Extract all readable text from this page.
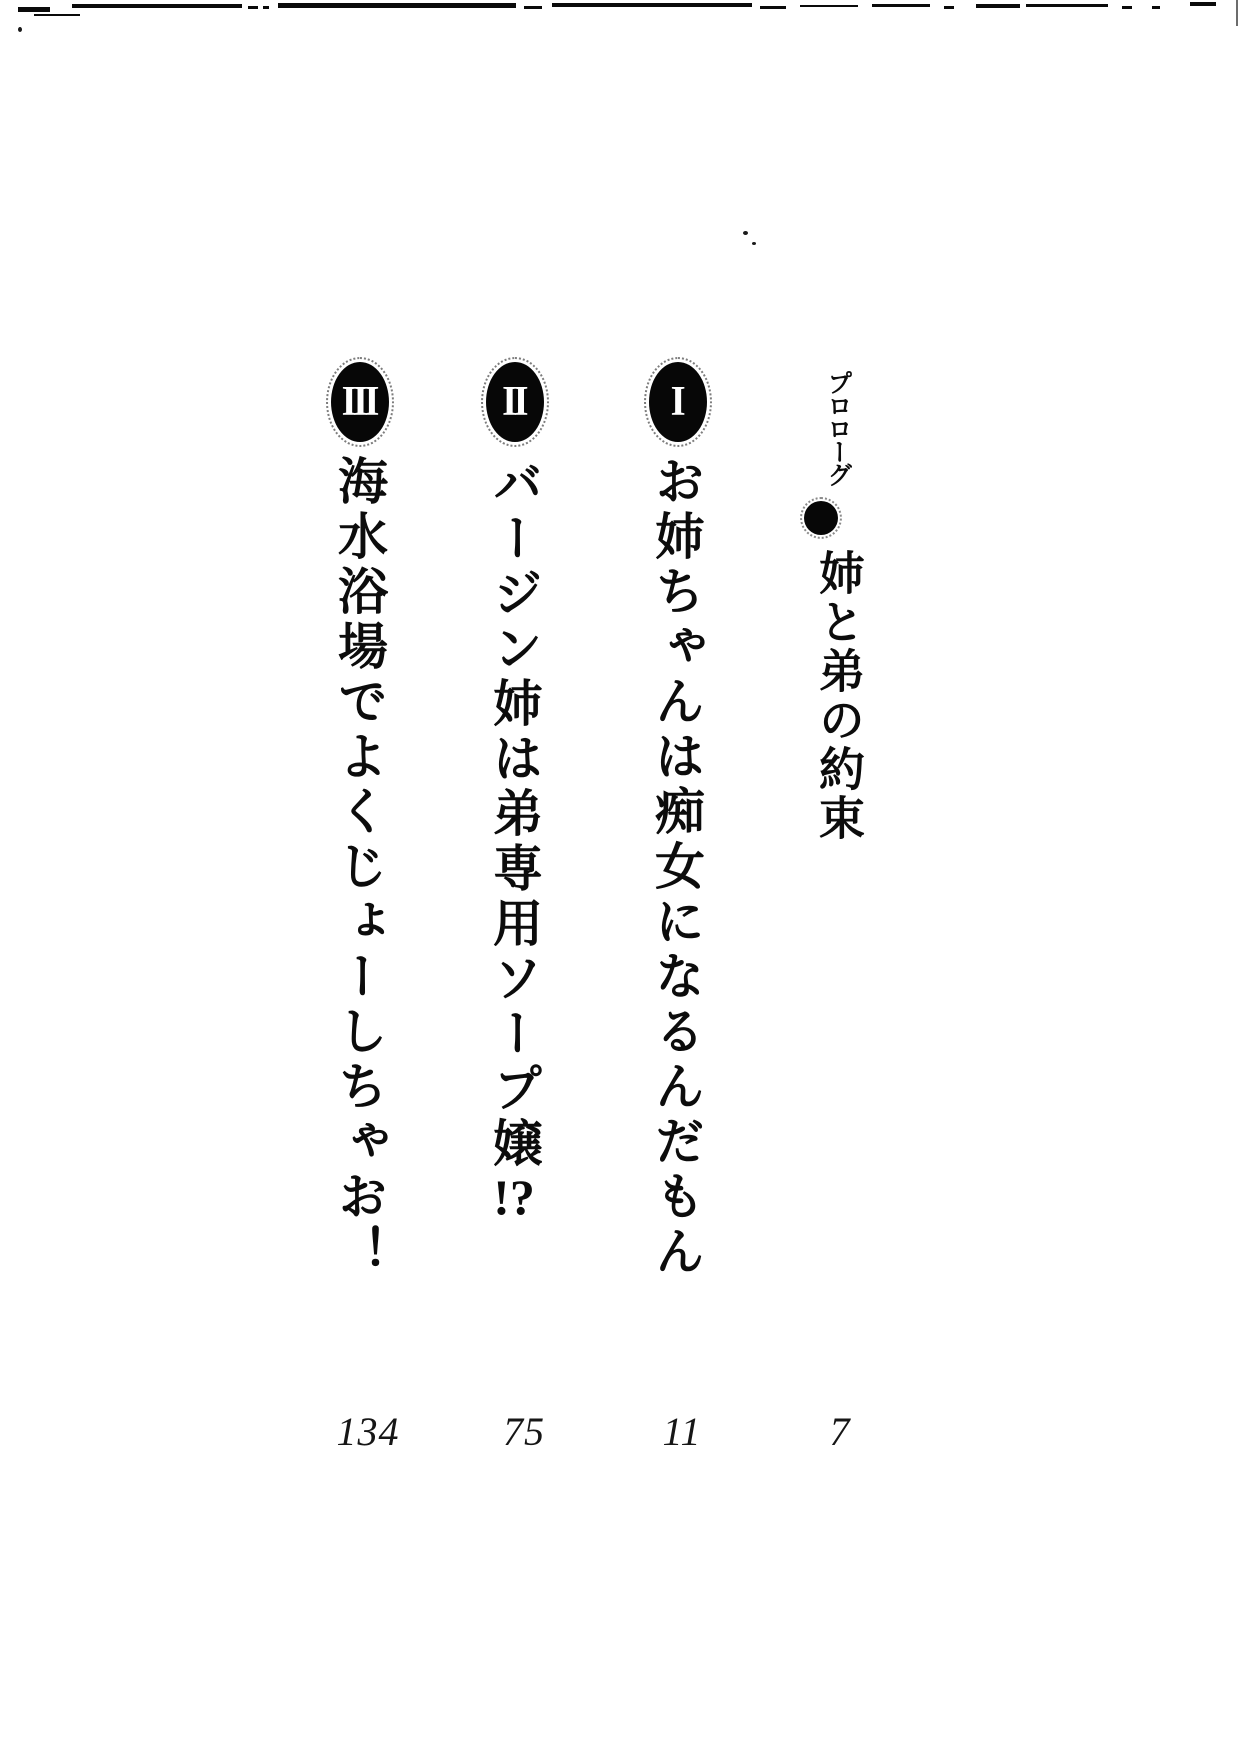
プロローグ姉と弟の約束
I
お姉ちゃんは痴女になるんだもん
II
バージン姉は弟専用ソープ嬢!?
III
海水浴場でよくじょーしちゃお！
7
11
75
134
